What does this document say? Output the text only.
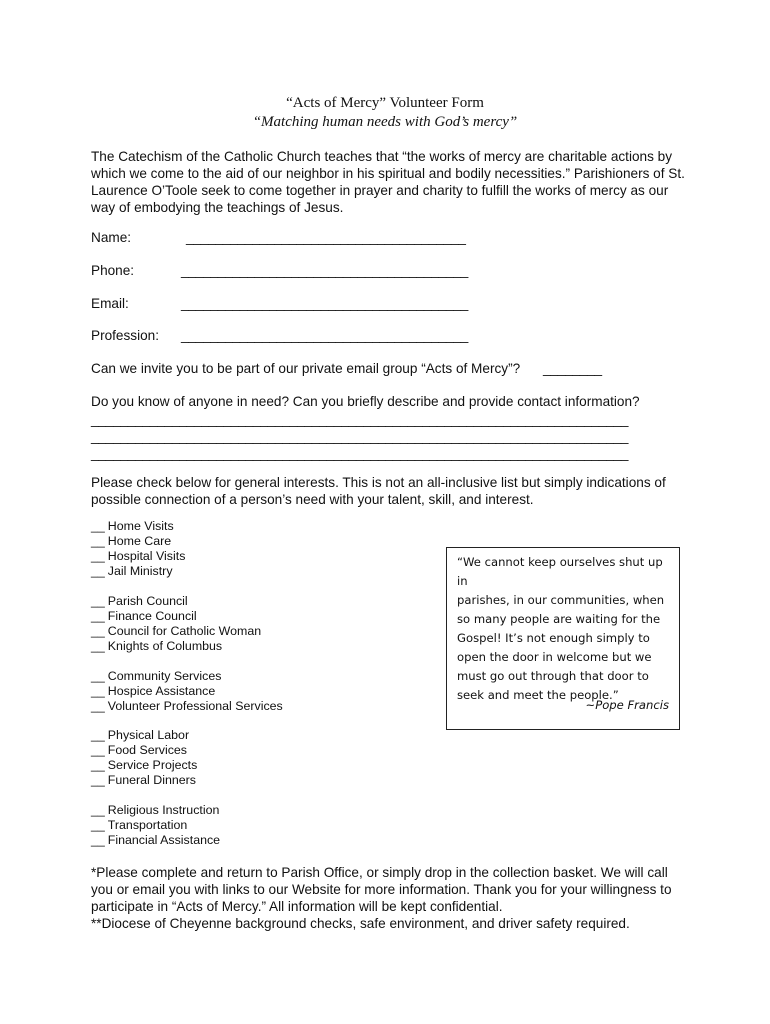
“Acts of Mercy” Volunteer Form
“Matching human needs with God’s mercy”

The Catechism of the Catholic Church teaches that “the works of mercy are charitable actions by which we come to the aid of our neighbor in his spiritual and bodily necessities.” Parishioners of St. Laurence O’Toole seek to come together in prayer and charity to fulfill the works of mercy as our way of embodying the teachings of Jesus.

Name:	______________________________________
Phone:	_______________________________________
Email:	_______________________________________
Profession: _______________________________________
Can we invite you to be part of our private email group “Acts of Mercy”? ________
Do you know of anyone in need? Can you briefly describe and provide contact information?
_________________________________________________________________________
_________________________________________________________________________
_________________________________________________________________________

Please check below for general interests. This is not an all-inclusive list but simply indications of possible connection of a person’s need with your talent, skill, and interest.

__ Home Visits
__ Home Care
__ Hospital Visits
__ Jail Ministry
__ Parish Council
__ Finance Council
__ Council for Catholic Woman
__ Knights of Columbus
__ Community Services
__ Hospice Assistance
__ Volunteer Professional Services
__ Physical Labor
__ Food Services
__ Service Projects
__ Funeral Dinners
__ Religious Instruction
__ Transportation
__ Financial Assistance
“We cannot keep ourselves shut up in
parishes, in our communities, when
so many people are waiting for the
Gospel! It’s not enough simply to
open the door in welcome but we
must go out through that door to
seek and meet the people.”
~Pope Francis
*Please complete and return to Parish Office, or simply drop in the collection basket. We will call you or email you with links to our Website for more information. Thank you for your willingness to participate in “Acts of Mercy.” All information will be kept confidential.
**Diocese of Cheyenne background checks, safe environment, and driver safety required.
